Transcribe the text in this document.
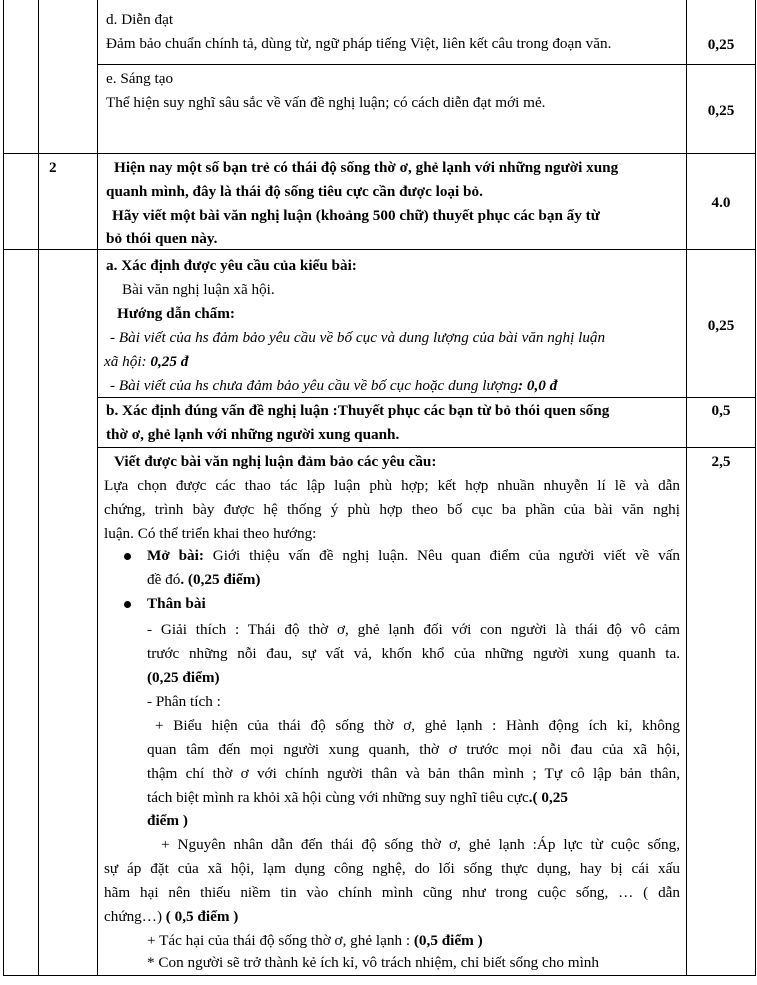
d. Diễn đạt
Đảm bảo chuẩn chính tả, dùng từ, ngữ pháp tiếng Việt, liên kết câu trong đoạn văn.	0,25
e. Sáng tạo
Thể hiện suy nghĩ sâu sắc về vấn đề nghị luận; có cách diễn đạt mới mẻ.	0,25
2	Hiện nay một số bạn trẻ có thái độ sống thờ ơ, ghẻ lạnh với những người xung
quanh mình, đây là thái độ sống tiêu cực cần được loại bỏ.
Hãy viết một bài văn nghị luận (khoảng 500 chữ) thuyết phục các bạn ấy từ
bỏ thói quen này.
4.0
a. Xác định được yêu cầu của kiểu bài:
Bài văn nghị luận xã hội.
Hướng dẫn chấm:
- Bài viết của hs đảm bảo yêu cầu về bố cục và dung lượng của bài văn nghị luận
xã hội: 0,25 đ
- Bài viết của hs chưa đảm bảo yêu cầu về bố cục hoặc dung lượng: 0,0 đ
0,25
b. Xác định đúng vấn đề nghị luận :Thuyết phục các bạn từ bỏ thói quen sống
thờ ơ, ghẻ lạnh với những người xung quanh.
0,5
Viết được bài văn nghị luận đảm bảo các yêu cầu:	2,5
Lựa chọn được các thao tác lập luận phù hợp; kết hợp nhuần nhuyễn lí lẽ và dẫn
chứng, trình bày được hệ thống ý phù hợp theo bố cục ba phần của bài văn nghị
luận. Có thể triển khai theo hướng:
Mở bài: Giới thiệu vấn đề nghị luận. Nêu quan điểm của người viết về vấn
đề đó. (0,25 điểm)
Thân bài
- Giải thích : Thái độ thờ ơ, ghẻ lạnh đối với con người là thái độ vô cảm
trước những nỗi đau, sự vất vả, khốn khổ của những người xung quanh ta.
(0,25 điểm)
- Phân tích :
+ Biểu hiện của thái độ sống thờ ơ, ghẻ lạnh : Hành động ích kỉ, không
quan tâm đến mọi người xung quanh, thờ ơ trước mọi nỗi đau của xã hội,
thậm chí thờ ơ với chính người thân và bản thân mình ; Tự cô lập bản thân,
tách biệt mình ra khỏi xã hội cùng với những suy nghĩ tiêu cực.( 0,25
điểm )
+ Nguyên nhân dẫn đến thái độ sống thờ ơ, ghẻ lạnh :Áp lực từ cuộc sống,
sự áp đặt của xã hội, lạm dụng công nghệ, do lối sống thực dụng, hay bị cái xấu
hãm hại nên thiếu niềm tin vào chính mình cũng như trong cuộc sống, … ( dẫn
chứng…) ( 0,5 điểm )
+ Tác hại của thái độ sống thờ ơ, ghẻ lạnh : (0,5 điểm )
* Con người sẽ trở thành kẻ ích kỉ, vô trách nhiệm, chỉ biết sống cho mình
